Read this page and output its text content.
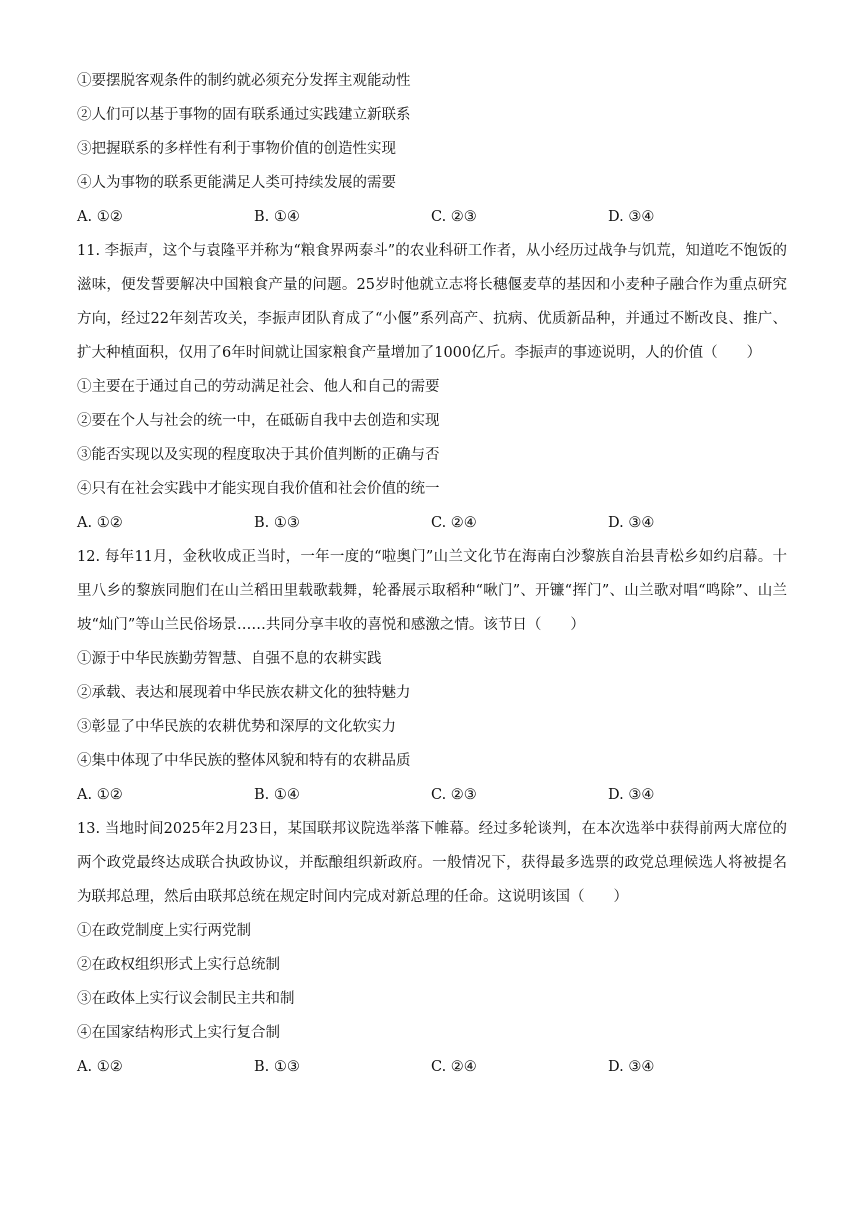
①要摆脱客观条件的制约就必须充分发挥主观能动性
②人们可以基于事物的固有联系通过实践建立新联系
③把握联系的多样性有利于事物价值的创造性实现
④人为事物的联系更能满足人类可持续发展的需要
A. ①②	B. ①④	C. ②③	D. ③④
11. 李振声，这个与袁隆平并称为“粮食界两泰斗”的农业科研工作者，从小经历过战争与饥荒，知道吃不饱饭的滋味，便发誓要解决中国粮食产量的问题。25岁时他就立志将长穗偃麦草的基因和小麦种子融合作为重点研究方向，经过22年刻苦攻关，李振声团队育成了“小偃”系列高产、抗病、优质新品种，并通过不断改良、推广、扩大种植面积，仅用了6年时间就让国家粮食产量增加了1000亿斤。李振声的事迹说明，人的价值（　　）
①主要在于通过自己的劳动满足社会、他人和自己的需要
②要在个人与社会的统一中，在砥砺自我中去创造和实现
③能否实现以及实现的程度取决于其价值判断的正确与否
④只有在社会实践中才能实现自我价值和社会价值的统一
A. ①②	B. ①③	C. ②④	D. ③④
12. 每年11月，金秋收成正当时，一年一度的“啦奥门”山兰文化节在海南白沙黎族自治县青松乡如约启幕。十里八乡的黎族同胞们在山兰稻田里载歌载舞，轮番展示取稻种“啾门”、开镰“挥门”、山兰歌对唱“鸣除”、山兰坡“灿门”等山兰民俗场景……共同分享丰收的喜悦和感激之情。该节日（　　）
①源于中华民族勤劳智慧、自强不息的农耕实践
②承载、表达和展现着中华民族农耕文化的独特魅力
③彰显了中华民族的农耕优势和深厚的文化软实力
④集中体现了中华民族的整体风貌和特有的农耕品质
A. ①②	B. ①④	C. ②③	D. ③④
13. 当地时间2025年2月23日，某国联邦议院选举落下帷幕。经过多轮谈判，在本次选举中获得前两大席位的两个政党最终达成联合执政协议，并酝酿组织新政府。一般情况下，获得最多选票的政党总理候选人将被提名为联邦总理，然后由联邦总统在规定时间内完成对新总理的任命。这说明该国（　　）
①在政党制度上实行两党制
②在政权组织形式上实行总统制
③在政体上实行议会制民主共和制
④在国家结构形式上实行复合制
A. ①②	B. ①③	C. ②④	D. ③④
